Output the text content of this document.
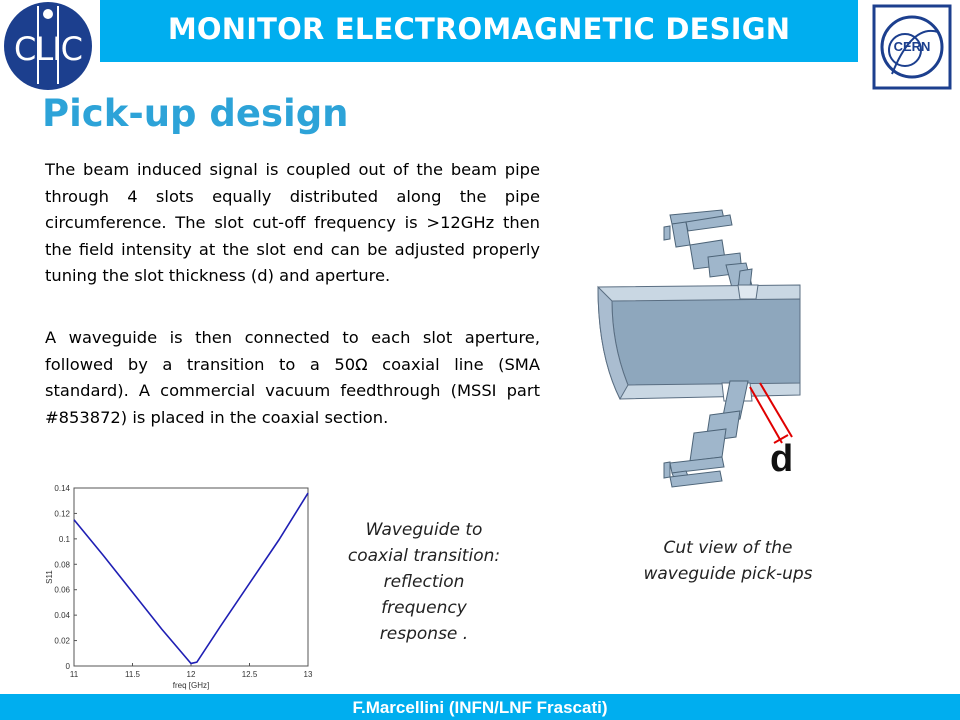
CLIC
MONITOR ELECTROMAGNETIC DESIGN
CERN
Pick-up design

The beam induced signal is coupled out of the beam pipe through 4 slots equally distributed along the pipe circumference. The slot cut-off frequency is >12GHz then the field intensity at the slot end can be adjusted properly tuning the slot thickness (d) and aperture.

A waveguide is then connected to each slot aperture, followed by a transition to a 50Ω coaxial line (SMA standard). A commercial vacuum feedthrough (MSSI part #853872) is placed in the coaxial section.

11	11.5	12	12.5	13
0
0.02
0.04
0.06
0.08
0.1
0.12
0.14
freq [GHz]
S11
Waveguide to coaxial transition: reflection frequency response .
d
Cut view of the waveguide pick-ups
F.Marcellini (INFN/LNF Frascati)
